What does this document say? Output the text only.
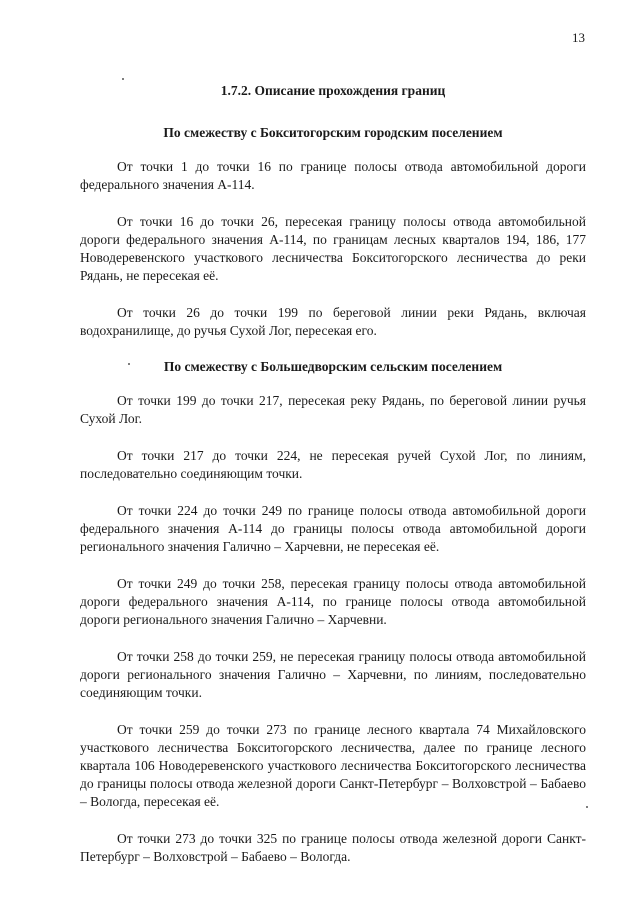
13
1.7.2. Описание прохождения границ
По смежеству с Бокситогорским городским поселением

От точки 1 до точки 16 по границе полосы отвода автомобильной дороги федерального значения А-114.

От точки 16 до точки 26, пересекая границу полосы отвода автомобильной дороги федерального значения А-114, по границам лесных кварталов 194, 186, 177 Новодеревенского участкового лесничества Бокситогорского лесничества до реки Рядань, не пересекая её.

От точки 26 до точки 199 по береговой линии реки Рядань, включая водохранилище, до ручья Сухой Лог, пересекая его.

По смежеству с Большедворским сельским поселением

От точки 199 до точки 217, пересекая реку Рядань, по береговой линии ручья Сухой Лог.

От точки 217 до точки 224, не пересекая ручей Сухой Лог, по линиям, последовательно соединяющим точки.

От точки 224 до точки 249 по границе полосы отвода автомобильной дороги федерального значения А-114 до границы полосы отвода автомобильной дороги регионального значения Галично – Харчевни, не пересекая её.

От точки 249 до точки 258, пересекая границу полосы отвода автомобильной дороги федерального значения А-114, по границе полосы отвода автомобильной дороги регионального значения Галично – Харчевни.

От точки 258 до точки 259, не пересекая границу полосы отвода автомобильной дороги регионального значения Галично – Харчевни, по линиям, последовательно соединяющим точки.

От точки 259 до точки 273 по границе лесного квартала 74 Михайловского участкового лесничества Бокситогорского лесничества, далее по границе лесного квартала 106 Новодеревенского участкового лесничества Бокситогорского лесничества до границы полосы отвода железной дороги Санкт-Петербург – Волховстрой – Бабаево – Вологда, пересекая её.

От точки 273 до точки 325 по границе полосы отвода железной дороги Санкт-Петербург – Волховстрой – Бабаево – Вологда.
